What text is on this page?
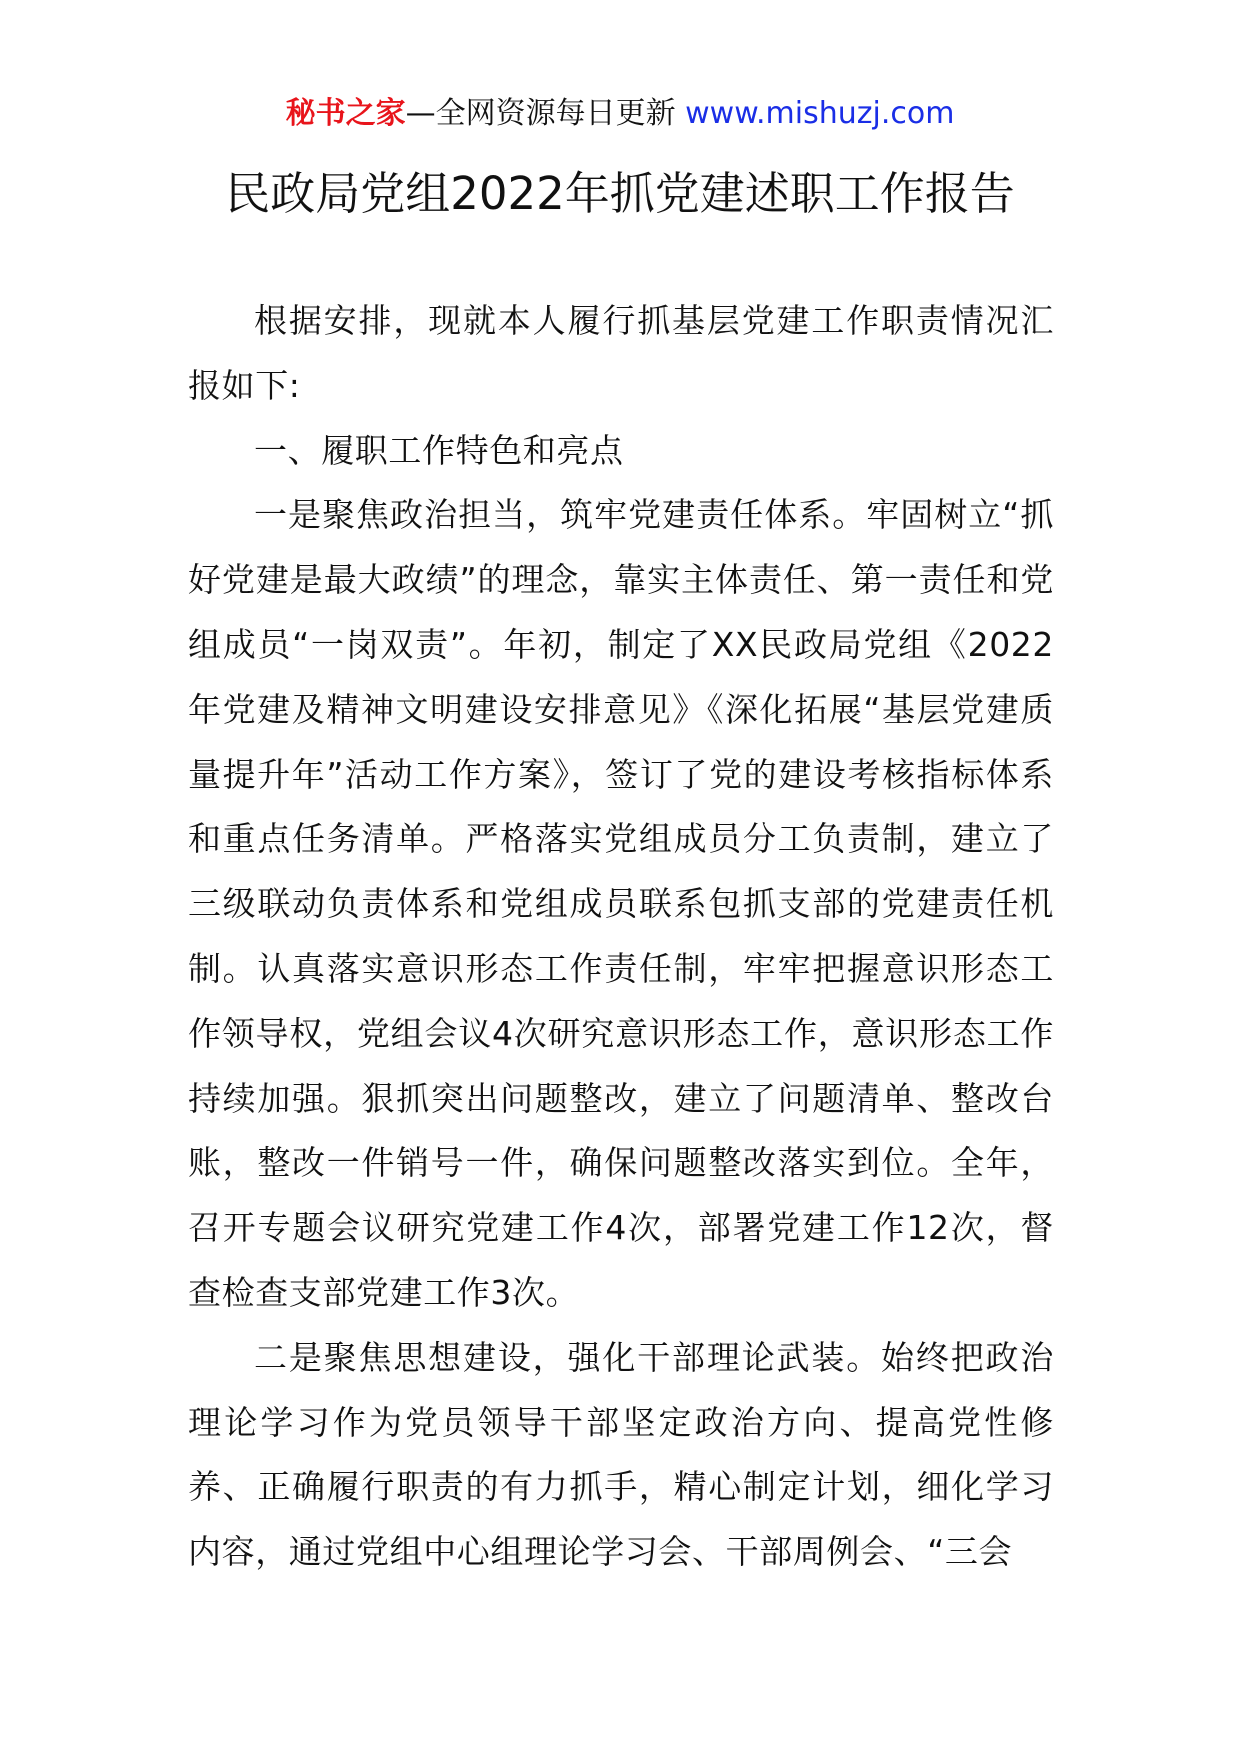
秘书之家—全网资源每日更新 www.mishuzj.com
民政局党组2022年抓党建述职工作报告

根据安排，现就本人履行抓基层党建工作职责情况汇报如下:

一、履职工作特色和亮点

一是聚焦政治担当，筑牢党建责任体系。牢固树立“抓好党建是最大政绩”的理念，靠实主体责任、第一责任和党组成员“一岗双责”。年初，制定了XX民政局党组《2022年党建及精神文明建设安排意见》《深化拓展“基层党建质量提升年”活动工作方案》，签订了党的建设考核指标体系和重点任务清单。严格落实党组成员分工负责制，建立了三级联动负责体系和党组成员联系包抓支部的党建责任机制。认真落实意识形态工作责任制，牢牢把握意识形态工作领导权，党组会议4次研究意识形态工作，意识形态工作持续加强。狠抓突出问题整改，建立了问题清单、整改台账，整改一件销号一件，确保问题整改落实到位。全年，召开专题会议研究党建工作4次，部署党建工作12次，督查检查支部党建工作3次。

二是聚焦思想建设，强化干部理论武装。始终把政治理论学习作为党员领导干部坚定政治方向、提高党性修养、正确履行职责的有力抓手，精心制定计划，细化学习内容，通过党组中心组理论学习会、干部周例会、“三会
